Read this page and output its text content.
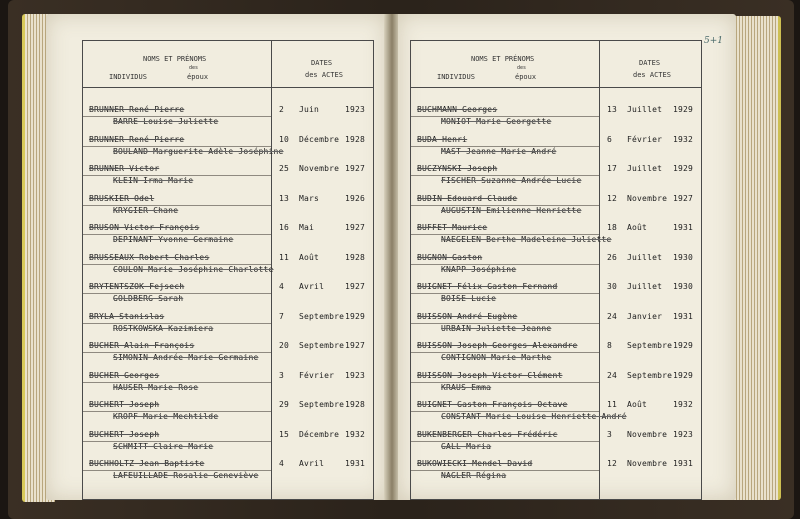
NOMS ET PRÉNOMS
des
INDIVIDUS	époux
DATES
des ACTES
BRUNNER René Pierre	2 Juin	1923
BARRE Louise Juliette
BRUNNER René Pierre	10 Décembre 1928
BOULAND Marguerite Adèle Joséphine
BRUNNER Victor	25 Novembre 1927
KLEIN Irma Marie
BRUSKIER Odel	13 Mars	1926
KRYGIER Chane
BRUSON Victor François	16 Mai	1927
DEPINANT Yvonne Germaine
BRUSSEAUX Robert Charles	11 Août	1928
COULON Marie Joséphine Charlotte
BRYTENTSZOK Fejsech	4 Avril	1927
GOLDBERG Sarah
BRYLA Stanislas	7 Septembre 1929
ROSTKOWSKA Kazimiera
BUCHER Alain François	20 Septembre 1927
SIMONIN Andrée Marie Germaine
BUCHER Georges	3 Février 1923
HAUSER Marie Rose
BUCHERT Joseph	29 Septembre 1928
KROPF Marie Mechtilde
BUCHERT Joseph	15 Décembre 1932
SCHMITT Claire Marie
BUCHHOLTZ Jean Baptiste	4 Avril	1931
LAFEUILLADE Rosalie Geneviève
5+1
NOMS ET PRÉNOMS
des
INDIVIDUS	époux
DATES
des ACTES
BUCHMANN Georges	13 Juillet 1929
MONIOT Marie Georgette
BUDA Henri	6 Février 1932
MAST Jeanne Marie André
BUCZYNSKI Joseph	17 Juillet 1929
FISCHER Suzanne Andrée Lucie
BUDIN Edouard Claude	12 Novembre 1927
AUGUSTIN Emilienne Henriette
BUFFET Maurice	18 Août	1931
NAEGELEN Berthe Madeleine Juliette
BUGNON Gaston	26 Juillet 1930
KNAPP Joséphine
BUIGNET Félix Gaston Fernand	30 Juillet 1930
BOISE Lucie
BUISSON André Eugène	24 Janvier 1931
URBAIN Juliette Jeanne
BUISSON Joseph Georges Alexandre	8 Septembre 1929
CONTIGNON Marie Marthe
BUISSON Joseph Victor Clément	24 Septembre 1929
KRAUS Emma
BUIGNET Gaston François Octave	11 Août	1932
CONSTANT Marie Louise Henriette André
BUKENBERGER Charles Frédéric	3 Novembre 1923
GALL Maria
BUKOWIECKI Mendel David	12 Novembre 1931
NAGLER Régina
